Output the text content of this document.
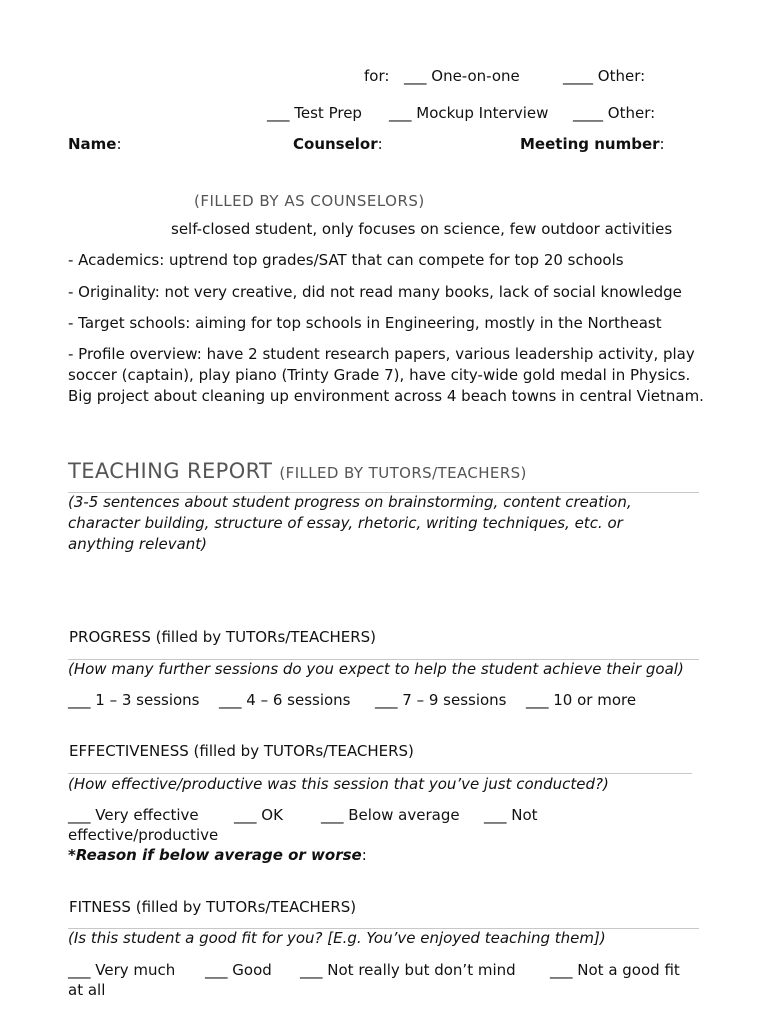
for: ___ One-on-one	____ Other:
___ Test Prep ___ Mockup Interview ____ Other:
Name:	Counselor:	Meeting number:
(FILLED BY AS COUNSELORS)
self-closed student, only focuses on science, few outdoor activities
- Academics: uptrend top grades/SAT that can compete for top 20 schools
- Originality: not very creative, did not read many books, lack of social knowledge
- Target schools: aiming for top schools in Engineering, mostly in the Northeast
- Profile overview: have 2 student research papers, various leadership activity, play soccer (captain), play piano (Trinty Grade 7), have city-wide gold medal in Physics. Big project about cleaning up environment across 4 beach towns in central Vietnam.
TEACHING REPORT (FILLED BY TUTORS/TEACHERS)
(3-5 sentences about student progress on brainstorming, content creation, character building, structure of essay, rhetoric, writing techniques, etc. or anything relevant)
PROGRESS (filled by TUTORs/TEACHERS)
(How many further sessions do you expect to help the student achieve their goal)
___ 1 – 3 sessions ___ 4 – 6 sessions ___ 7 – 9 sessions ___ 10 or more
EFFECTIVENESS (filled by TUTORs/TEACHERS)
(How effective/productive was this session that you’ve just conducted?)
___ Very effective ___ OK	___ Below average ___ Not
effective/productive
*Reason if below average or worse:
FITNESS (filled by TUTORs/TEACHERS)
(Is this student a good fit for you? [E.g. You’ve enjoyed teaching them])
___ Very much ___ Good ___ Not really but don’t mind ___ Not a good fit
at all
